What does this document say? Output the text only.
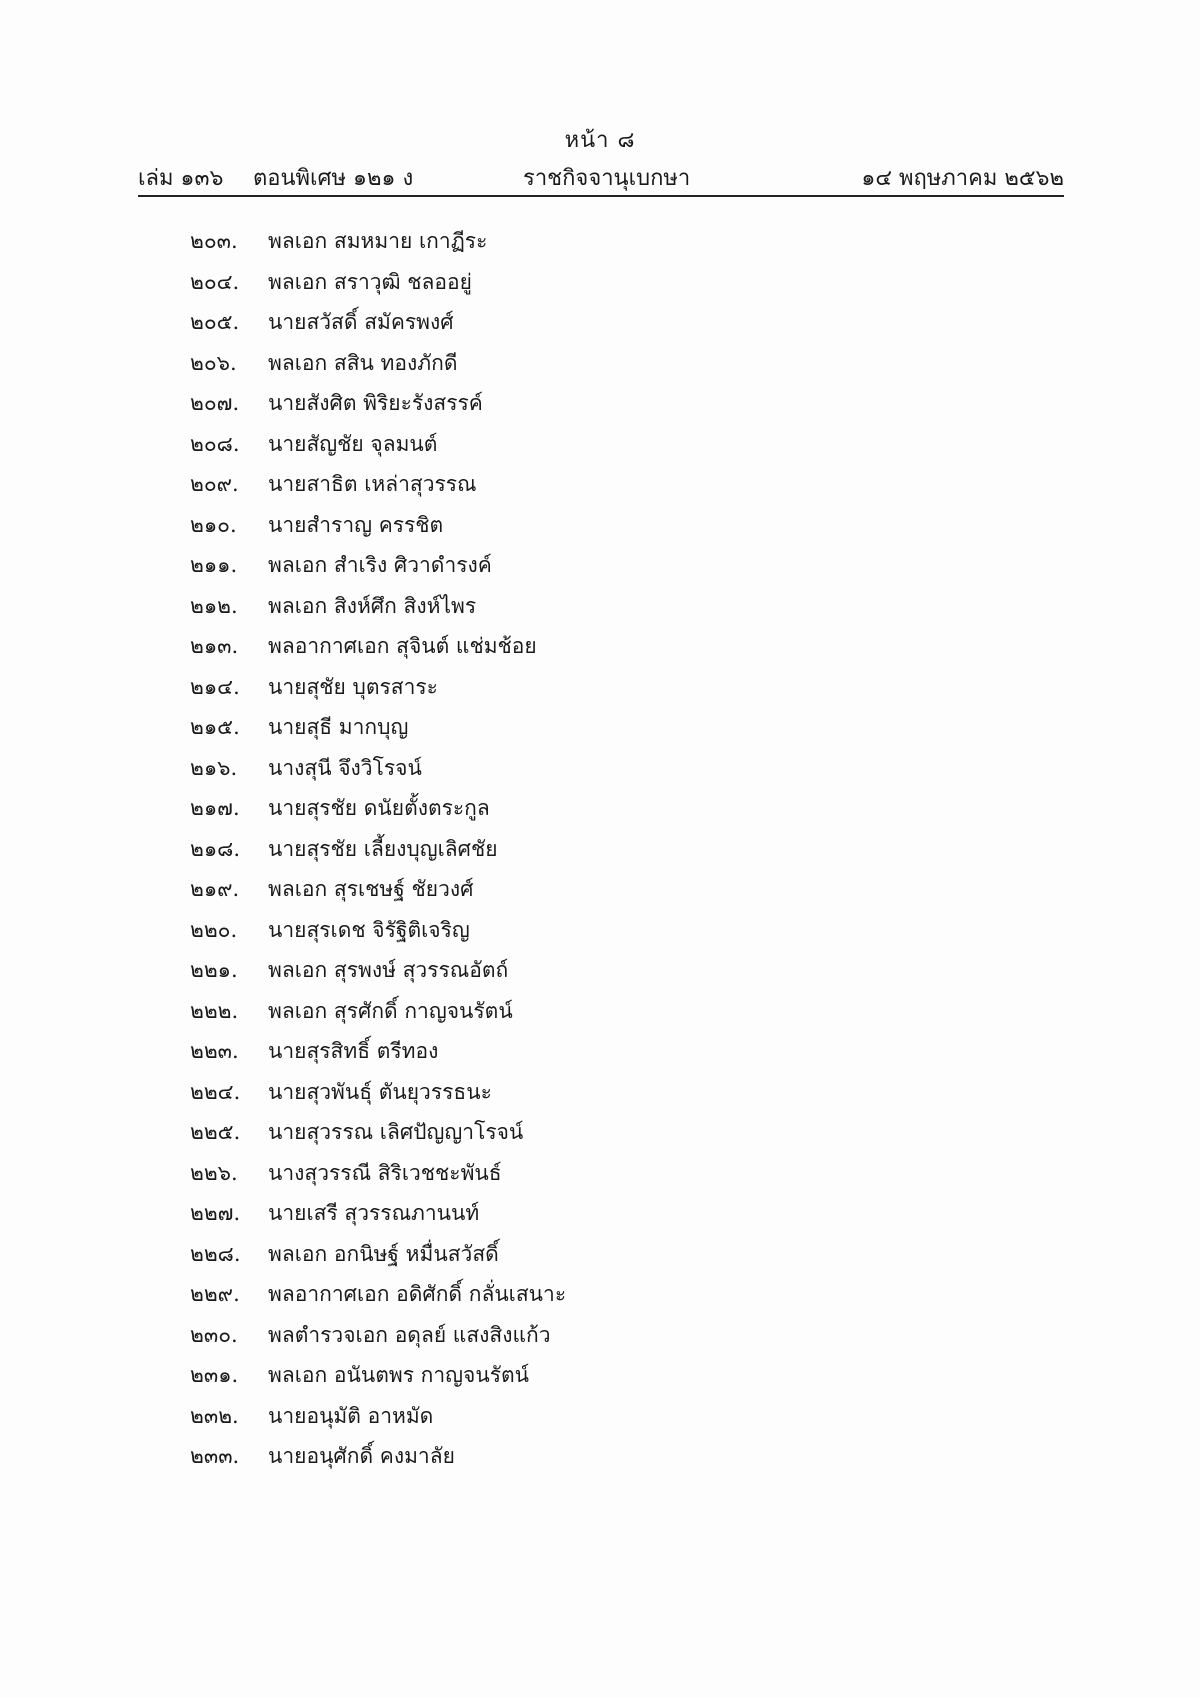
หน้า ๘
เล่ม ๑๓๖ ตอนพิเศษ ๑๒๑ ง	ราชกิจจานุเบกษา	๑๔ พฤษภาคม ๒๕๖๒
๒๐๓. พลเอก สมหมาย เกาฏีระ
๒๐๔. พลเอก สราวุฒิ ชลออยู่
๒๐๕. นายสวัสดิ์ สมัครพงศ์
๒๐๖. พลเอก สสิน ทองภักดี
๒๐๗. นายสังศิต พิริยะรังสรรค์
๒๐๘. นายสัญชัย จุลมนต์
๒๐๙. นายสาธิต เหล่าสุวรรณ
๒๑๐. นายสำราญ ครรชิต
๒๑๑. พลเอก สำเริง ศิวาดำรงค์
๒๑๒. พลเอก สิงห์ศึก สิงห์ไพร
๒๑๓. พลอากาศเอก สุจินต์ แช่มช้อย
๒๑๔. นายสุชัย บุตรสาระ
๒๑๕. นายสุธี มากบุญ
๒๑๖. นางสุนี จึงวิโรจน์
๒๑๗. นายสุรชัย ดนัยตั้งตระกูล
๒๑๘. นายสุรชัย เลี้ยงบุญเลิศชัย
๒๑๙. พลเอก สุรเชษฐ์ ชัยวงศ์
๒๒๐. นายสุรเดช จิรัฐิติเจริญ
๒๒๑. พลเอก สุรพงษ์ สุวรรณอัตถ์
๒๒๒. พลเอก สุรศักดิ์ กาญจนรัตน์
๒๒๓. นายสุรสิทธิ์ ตรีทอง
๒๒๔. นายสุวพันธุ์ ตันยุวรรธนะ
๒๒๕. นายสุวรรณ เลิศปัญญาโรจน์
๒๒๖. นางสุวรรณี สิริเวชชะพันธ์
๒๒๗. นายเสรี สุวรรณภานนท์
๒๒๘. พลเอก อกนิษฐ์ หมื่นสวัสดิ์
๒๒๙. พลอากาศเอก อดิศักดิ์ กลั่นเสนาะ
๒๓๐. พลตำรวจเอก อดุลย์ แสงสิงแก้ว
๒๓๑. พลเอก อนันตพร กาญจนรัตน์
๒๓๒. นายอนุมัติ อาหมัด
๒๓๓. นายอนุศักดิ์ คงมาลัย
